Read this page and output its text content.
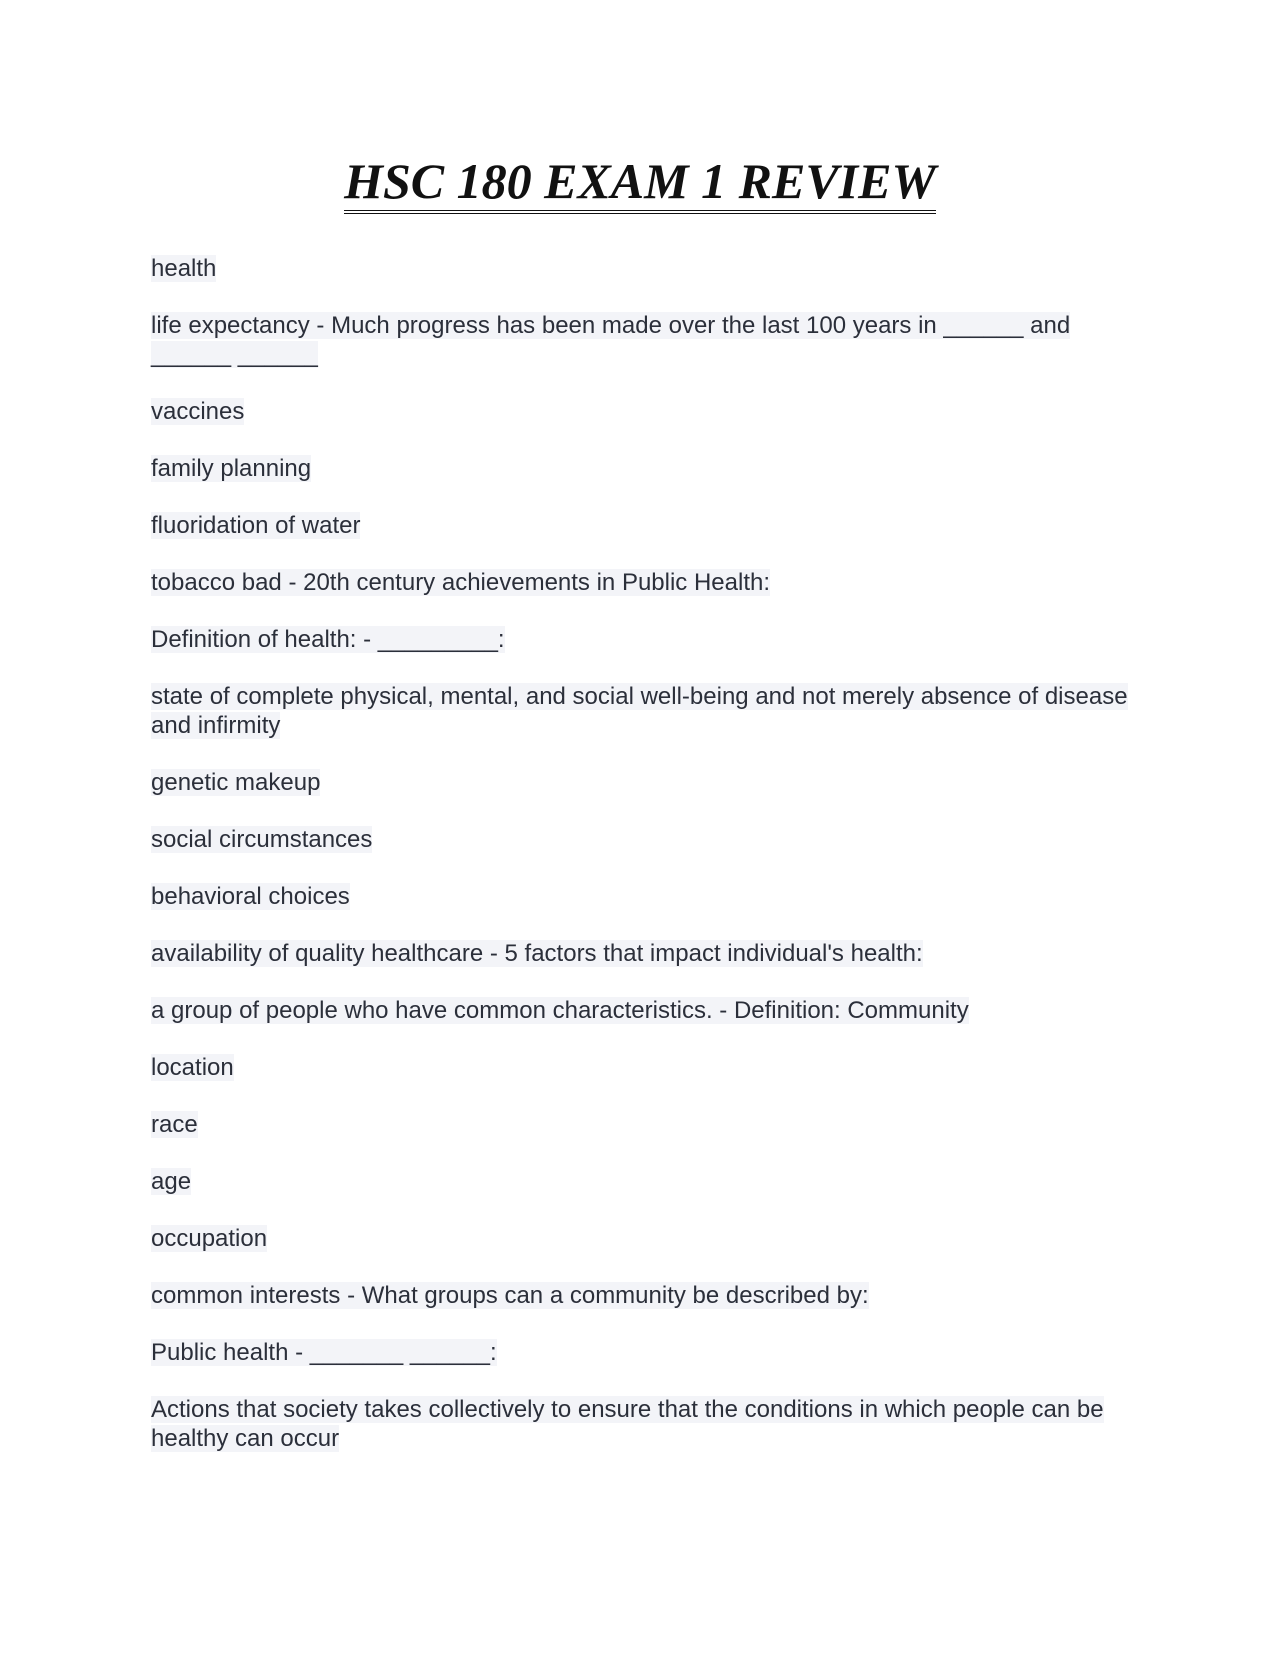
HSC 180 EXAM 1 REVIEW

health

life expectancy - Much progress has been made over the last 100 years in ______ and ______ ______

vaccines

family planning

fluoridation of water

tobacco bad - 20th century achievements in Public Health:

Definition of health: - _________:

state of complete physical, mental, and social well-being and not merely absence of disease and infirmity

genetic makeup

social circumstances

behavioral choices

availability of quality healthcare - 5 factors that impact individual's health:

a group of people who have common characteristics. - Definition: Community

location

race

age

occupation

common interests - What groups can a community be described by:

Public health - _______ ______:

Actions that society takes collectively to ensure that the conditions in which people can be healthy can occur
